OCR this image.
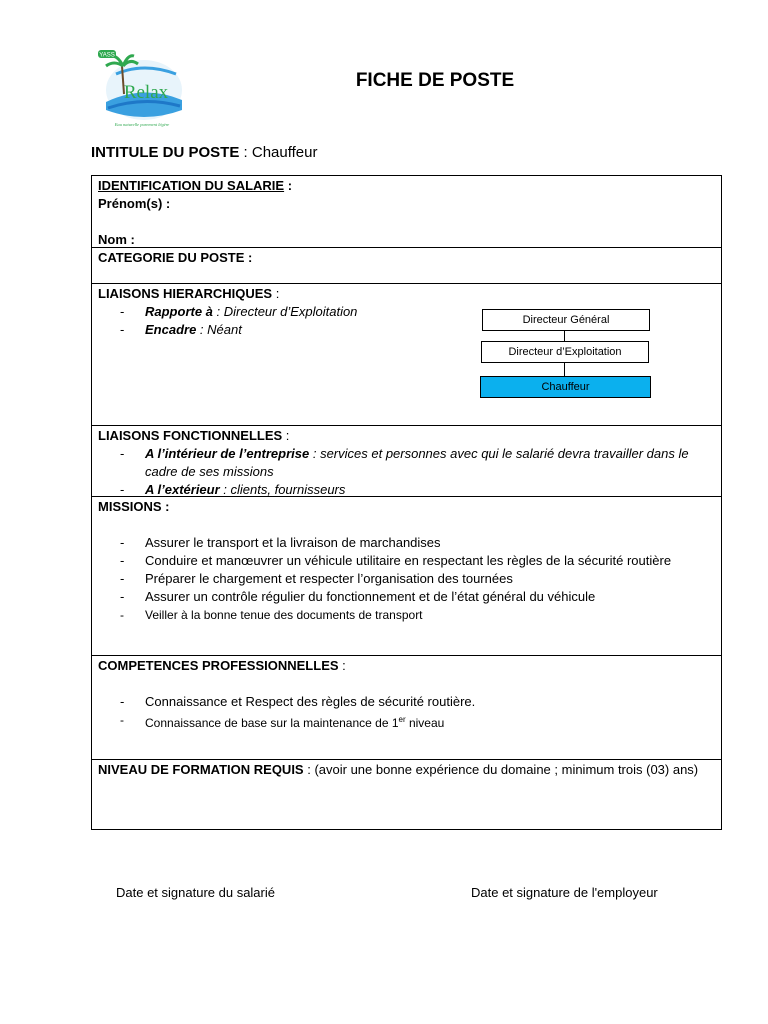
YASS
Relax
Eau naturelle purement légère
FICHE DE POSTE
INTITULE DU POSTE : Chauffeur
IDENTIFICATION DU SALARIE :
Prénom(s) :

Nom :
CATEGORIE DU POSTE :
LIAISONS HIERARCHIQUES :
- Rapporte à : Directeur d’Exploitation
- Encadre : Néant
Directeur Général
Directeur d’Exploitation
Chauffeur
LIAISONS FONCTIONNELLES :
- A l’intérieur de l’entreprise : services et personnes avec qui le salarié devra travailler dans le cadre de ses missions
- A l’extérieur : clients, fournisseurs
MISSIONS :

- Assurer le transport et la livraison de marchandises
- Conduire et manœuvrer un véhicule utilitaire en respectant les règles de la sécurité routière
- Préparer le chargement et respecter l’organisation des tournées
- Assurer un contrôle régulier du fonctionnement et de l’état général du véhicule
- Veiller à la bonne tenue des documents de transport
COMPETENCES PROFESSIONNELLES :

- Connaissance et Respect des règles de sécurité routière.
- Connaissance de base sur la maintenance de 1er niveau
NIVEAU DE FORMATION REQUIS : (avoir une bonne expérience du domaine ; minimum trois (03) ans)
Date et signature du salarié	Date et signature de l'employeur
